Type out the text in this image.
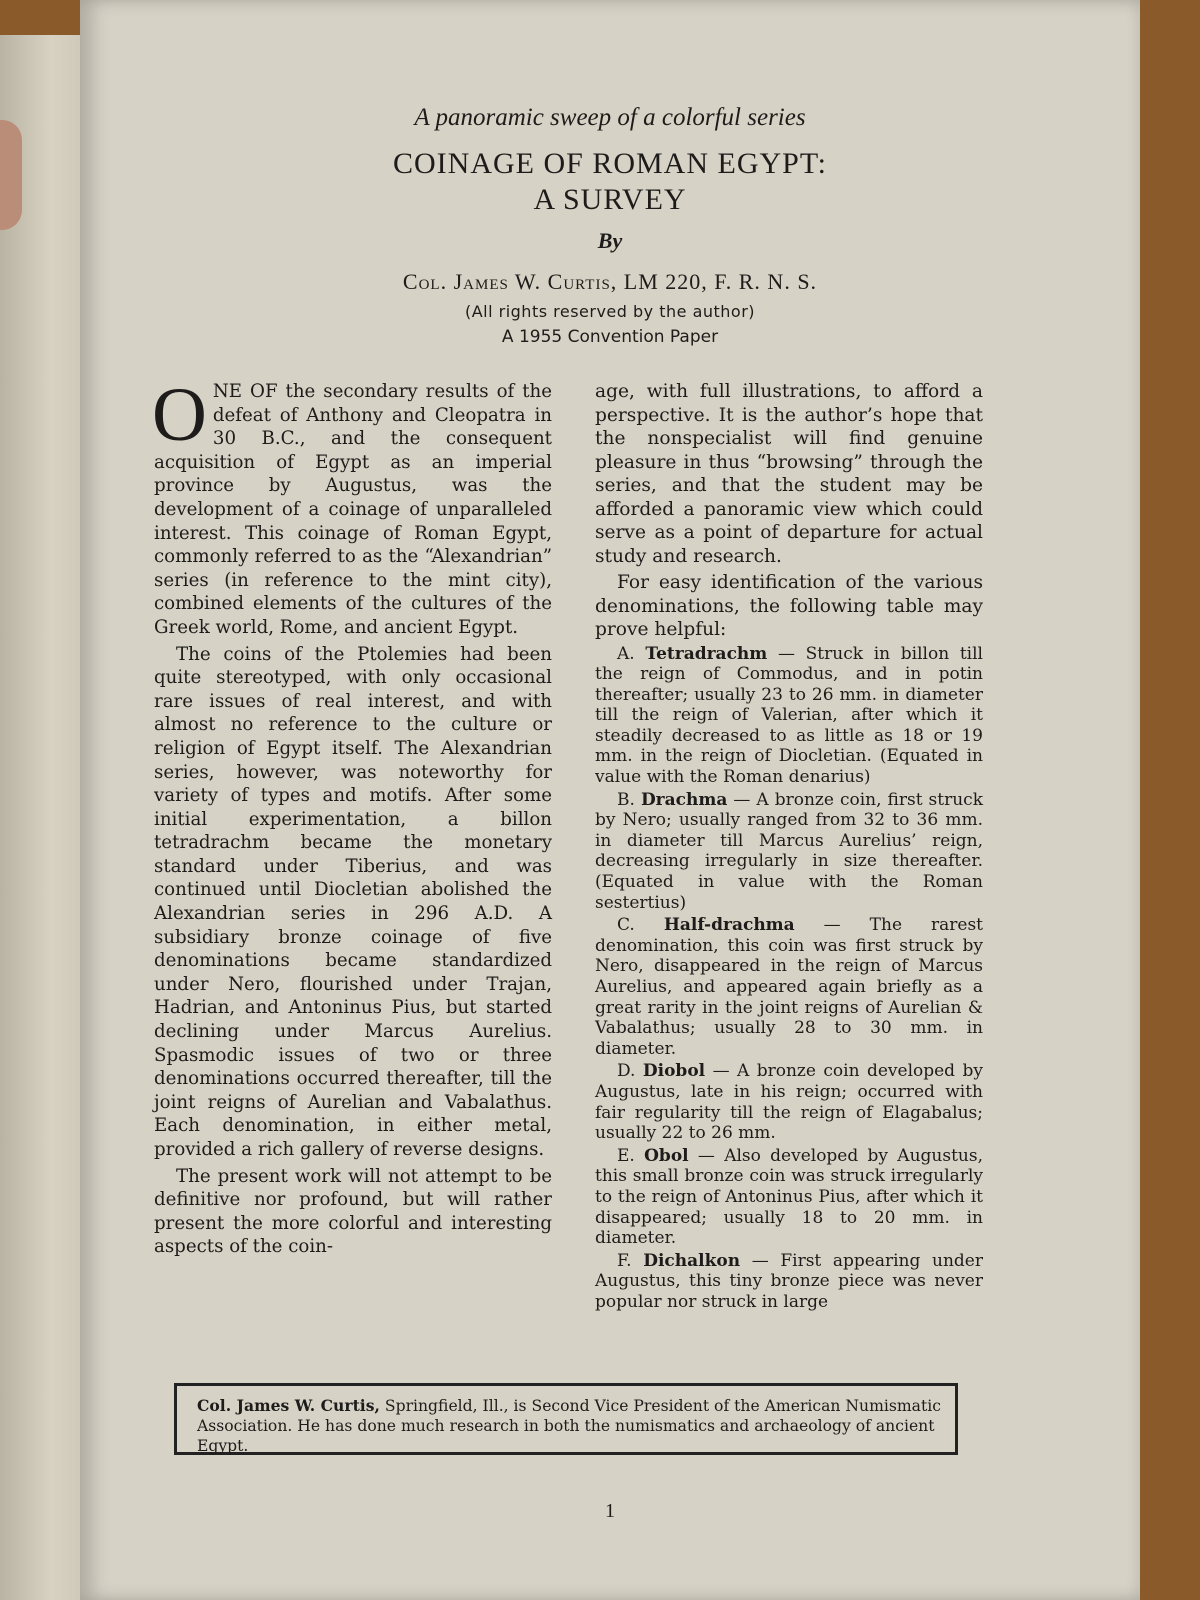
A panoramic sweep of a colorful series
COINAGE OF ROMAN EGYPT:
A SURVEY
By
Col. James W. Curtis, LM 220, F. R. N. S.
(All rights reserved by the author)
A 1955 Convention Paper

ONE OF the secondary results of the defeat of Anthony and Cleopatra in 30 B.C., and the consequent acquisition of Egypt as an imperial province by Augustus, was the development of a coinage of unparalleled interest. This coinage of Roman Egypt, commonly referred to as the “Alexandrian” series (in reference to the mint city), combined elements of the cultures of the Greek world, Rome, and ancient Egypt.

The coins of the Ptolemies had been quite stereotyped, with only occasional rare issues of real interest, and with almost no reference to the culture or religion of Egypt itself. The Alexandrian series, however, was noteworthy for variety of types and motifs. After some initial experimentation, a billon tetradrachm became the monetary standard under Tiberius, and was continued until Diocletian abolished the Alexandrian series in 296 A.D. A subsidiary bronze coinage of five denominations became standardized under Nero, flourished under Trajan, Hadrian, and Antoninus Pius, but started declining under Marcus Aurelius. Spasmodic issues of two or three denominations occurred thereafter, till the joint reigns of Aurelian and Vabalathus. Each denomination, in either metal, provided a rich gallery of reverse designs.

The present work will not attempt to be definitive nor profound, but will rather present the more colorful and interesting aspects of the coin-

age, with full illustrations, to afford a perspective. It is the author’s hope that the nonspecialist will find genuine pleasure in thus “browsing” through the series, and that the student may be afforded a panoramic view which could serve as a point of departure for actual study and research.

For easy identification of the various denominations, the following table may prove helpful:

A. Tetradrachm — Struck in billon till the reign of Commodus, and in potin thereafter; usually 23 to 26 mm. in diameter till the reign of Valerian, after which it steadily decreased to as little as 18 or 19 mm. in the reign of Diocletian. (Equated in value with the Roman denarius)

B. Drachma — A bronze coin, first struck by Nero; usually ranged from 32 to 36 mm. in diameter till Marcus Aurelius’ reign, decreasing irregularly in size thereafter. (Equated in value with the Roman sestertius)

C. Half-drachma — The rarest denomination, this coin was first struck by Nero, disappeared in the reign of Marcus Aurelius, and appeared again briefly as a great rarity in the joint reigns of Aurelian & Vabalathus; usually 28 to 30 mm. in diameter.

D. Diobol — A bronze coin developed by Augustus, late in his reign; occurred with fair regularity till the reign of Elagabalus; usually 22 to 26 mm.

E. Obol — Also developed by Augustus, this small bronze coin was struck irregularly to the reign of Antoninus Pius, after which it disappeared; usually 18 to 20 mm. in diameter.

F. Dichalkon — First appearing under Augustus, this tiny bronze piece was never popular nor struck in large

Col. James W. Curtis, Springfield, Ill., is Second Vice President of the American Numismatic Association. He has done much research in both the numismatics and archaeology of ancient Egypt.
1
